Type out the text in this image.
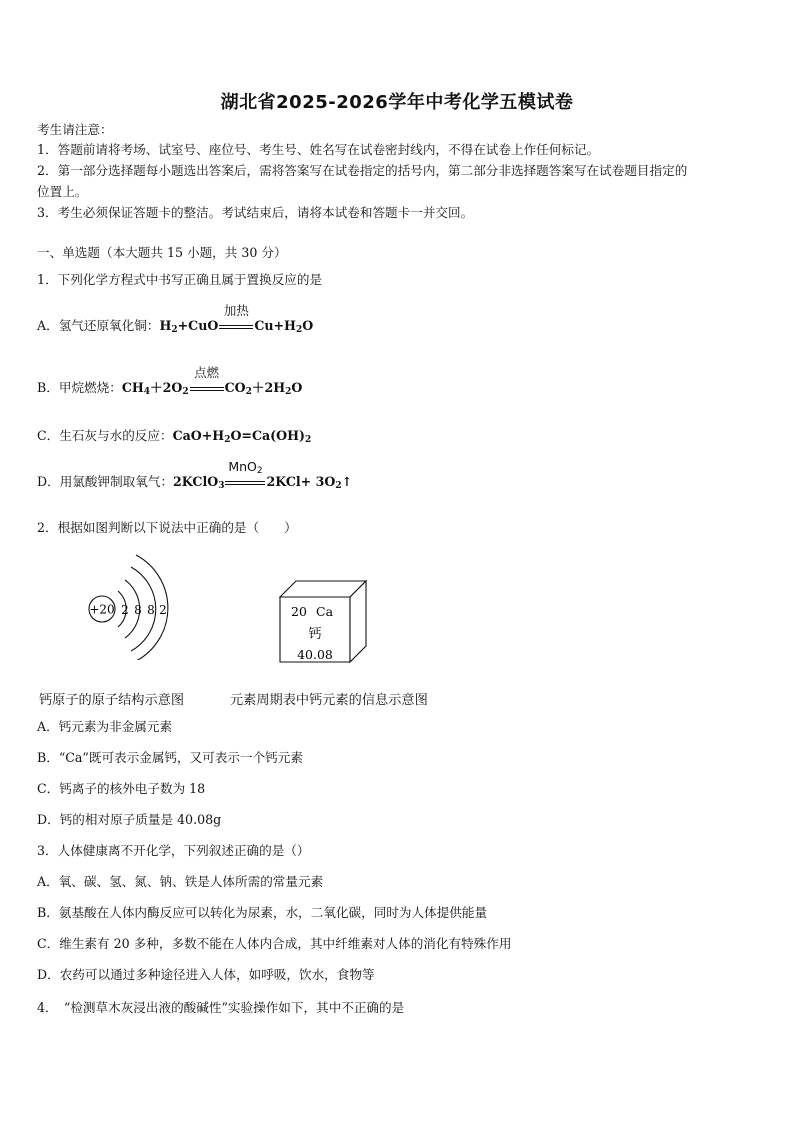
湖北省2025-2026学年中考化学五模试卷
考生请注意：
1．答题前请将考场、试室号、座位号、考生号、姓名写在试卷密封线内，不得在试卷上作任何标记。
2．第一部分选择题每小题选出答案后，需将答案写在试卷指定的括号内，第二部分非选择题答案写在试卷题目指定的
位置上。
3．考生必须保证答题卡的整洁。考试结束后，请将本试卷和答题卡一并交回。
一、单选题（本大题共 15 小题，共 30 分）
1．下列化学方程式中书写正确且属于置换反应的是
A．氢气还原氧化铜：$H_2+CuO$
加热
$Cu+H_2O$
B．甲烷燃烧：$CH_4+2O_2$
点燃
$CO_2+2H_2O$
C．生石灰与水的反应：$CaO+H_2O=Ca(OH)_2$
D．用氯酸钾制取氧气：2KClO$_3$
MnO$_2$
$2KCl+ 3O_2↑$
2．根据如图判断以下说法中正确的是（　　）
+20 2 8 8 2	20 Ca
钙
40.08
钙原子的原子结构示意图	元素周期表中钙元素的信息示意图
A．钙元素为非金属元素
B．“Ca”既可表示金属钙，又可表示一个钙元素
C．钙离子的核外电子数为 18
D．钙的相对原子质量是 40.08g
3．人体健康离不开化学，下列叙述正确的是（）
A．氧、碳、氢、氮、钠、铁是人体所需的常量元素
B．氨基酸在人体内酶反应可以转化为尿素，水，二氧化碳，同时为人体提供能量
C．维生素有 20 多种，多数不能在人体内合成，其中纤维素对人体的消化有特殊作用
D．农药可以通过多种途径进入人体，如呼吸，饮水，食物等
4．　“检测草木灰浸出液的酸碱性”实验操作如下，其中不正确的是
